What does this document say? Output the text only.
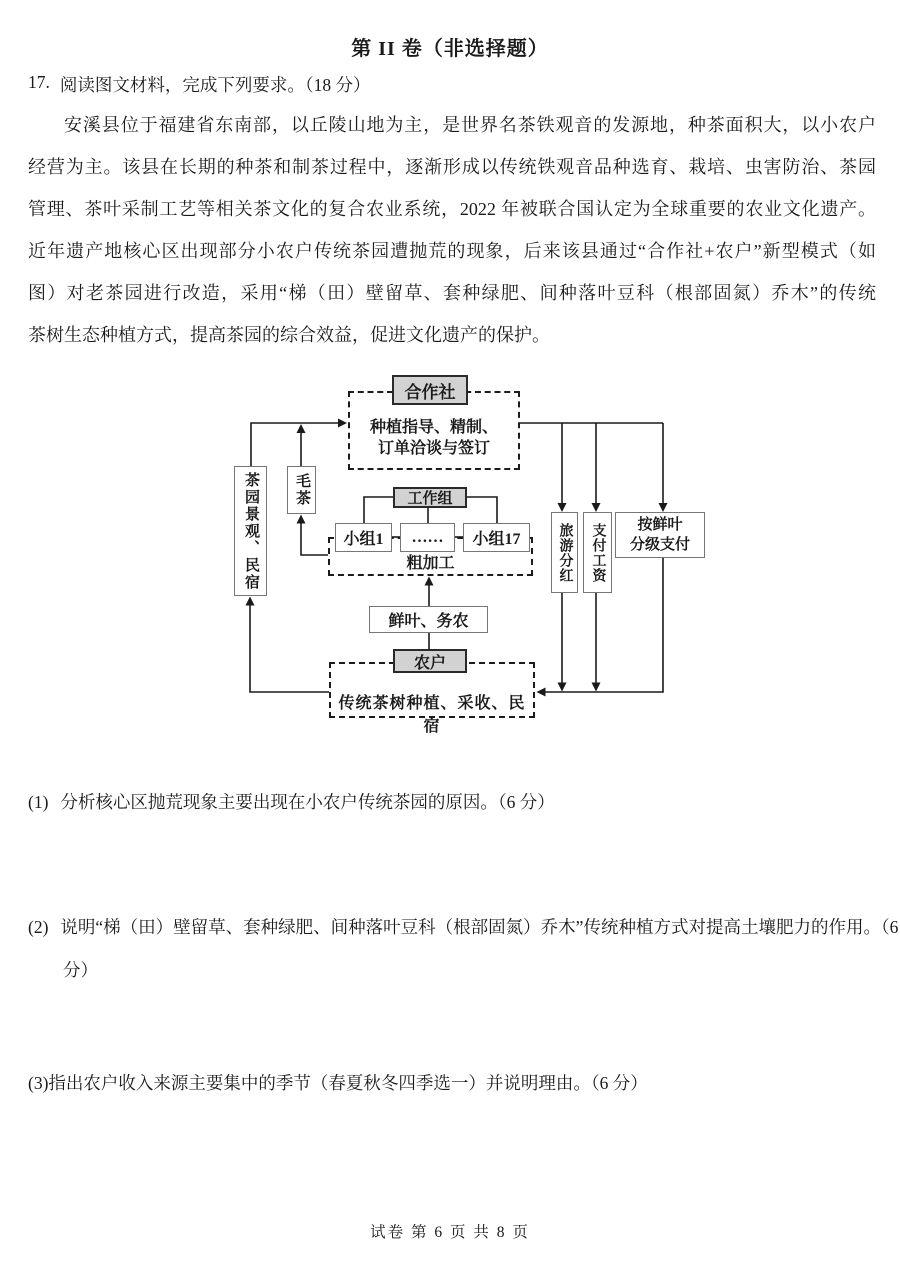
第 II 卷（非选择题）
17. 阅读图文材料，完成下列要求。（18 分）
安溪县位于福建省东南部，以丘陵山地为主，是世界名茶铁观音的发源地，种茶面积大，以小农户
经营为主。该县在长期的种茶和制茶过程中，逐渐形成以传统铁观音品种选育、栽培、虫害防治、茶园
管理、茶叶采制工艺等相关茶文化的复合农业系统，2022 年被联合国认定为全球重要的农业文化遗产。
近年遗产地核心区出现部分小农户传统茶园遭抛荒的现象，后来该县通过“合作社+农户”新型模式（如
图）对老茶园进行改造，采用“梯（田）壁留草、套种绿肥、间种落叶豆科（根部固氮）乔木”的传统
茶树生态种植方式，提高茶园的综合效益，促进文化遗产的保护。
种植指导、精制、
订单洽谈与签订
粗加工
传统茶树种植、采收、民宿
合作社
工作组
农户
小组1	……	小组17
鲜叶、务农
茶园景观、民宿 毛茶
旅游分红 支付工资 按鲜叶
分级支付
(1) 分析核心区抛荒现象主要出现在小农户传统茶园的原因。（6 分）
(2) 说明“梯（田）壁留草、套种绿肥、间种落叶豆科（根部固氮）乔木”传统种植方式对提高土壤肥力的作用。（6 分）
(3)指出农户收入来源主要集中的季节（春夏秋冬四季选一）并说明理由。（6 分）
试卷 第 6 页 共 8 页
